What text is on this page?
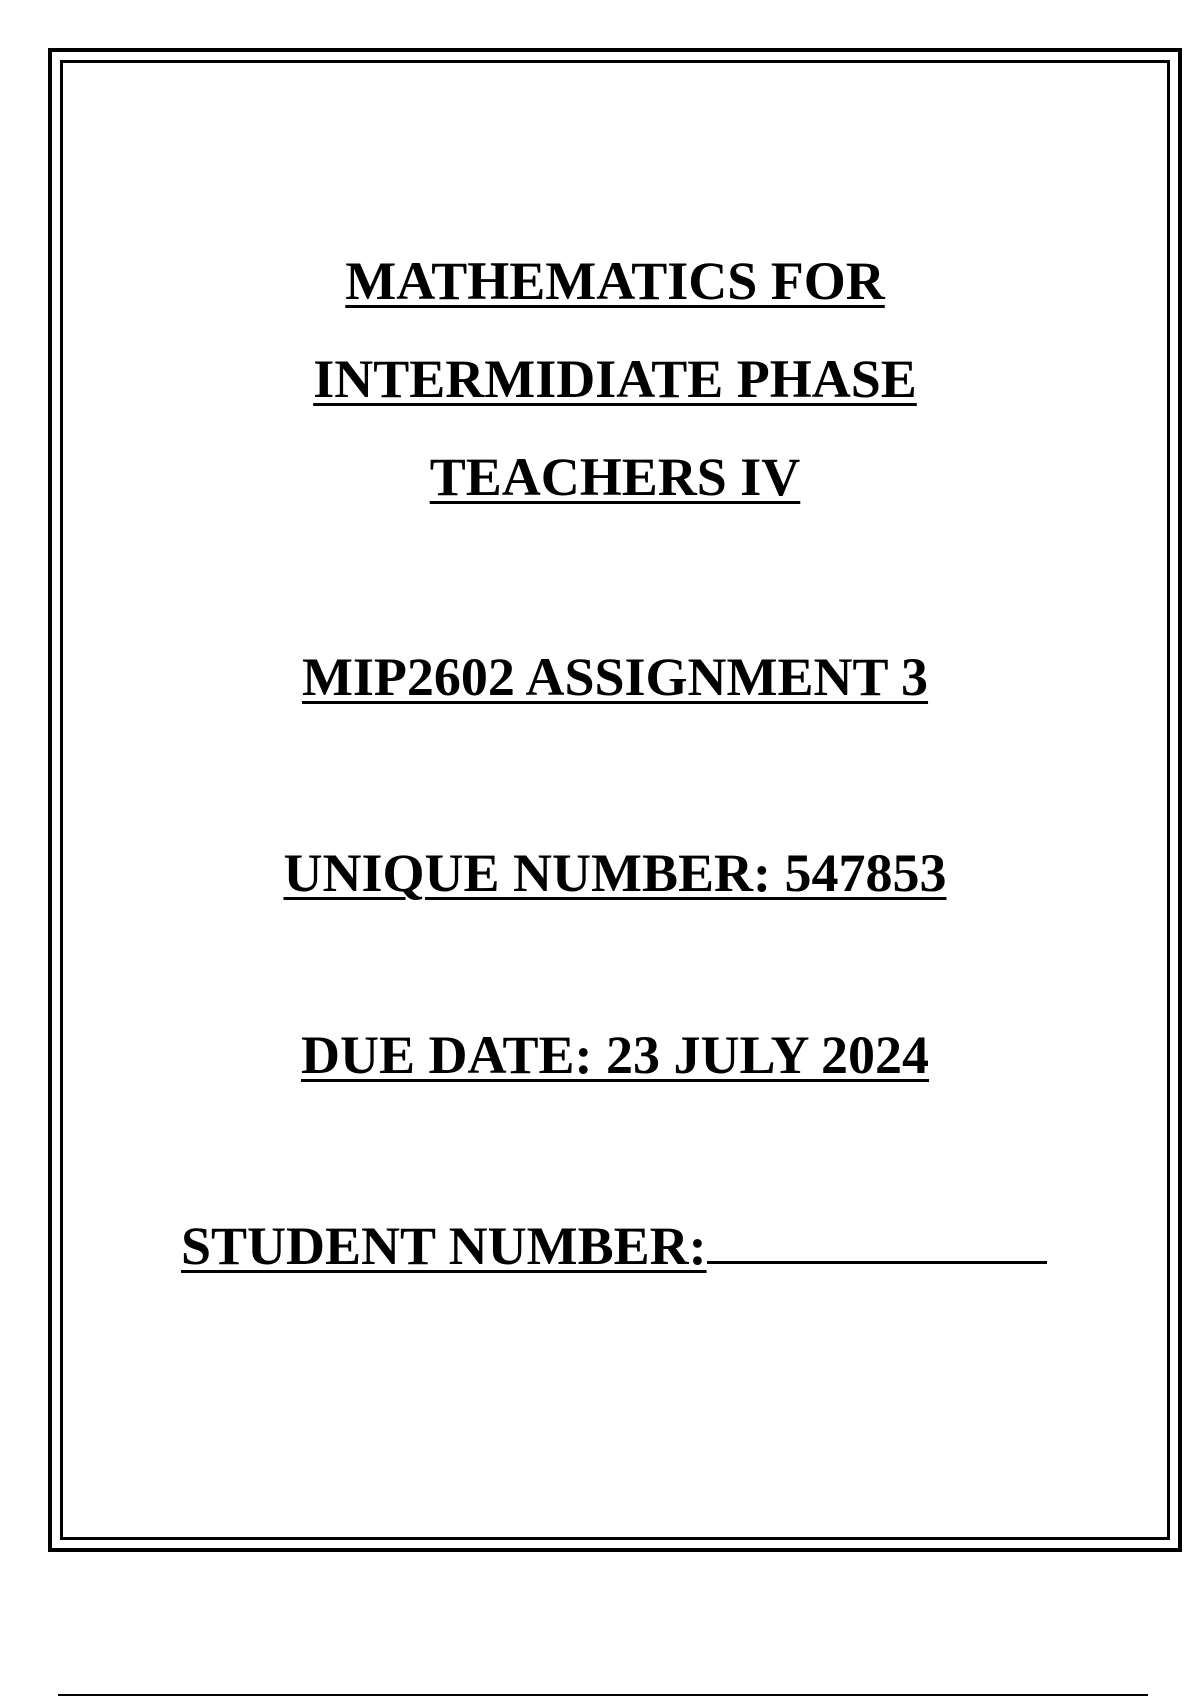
MATHEMATICS FOR
INTERMIDIATE PHASE
TEACHERS IV
MIP2602 ASSIGNMENT 3
UNIQUE NUMBER: 547853
DUE DATE: 23 JULY 2024
STUDENT NUMBER:
